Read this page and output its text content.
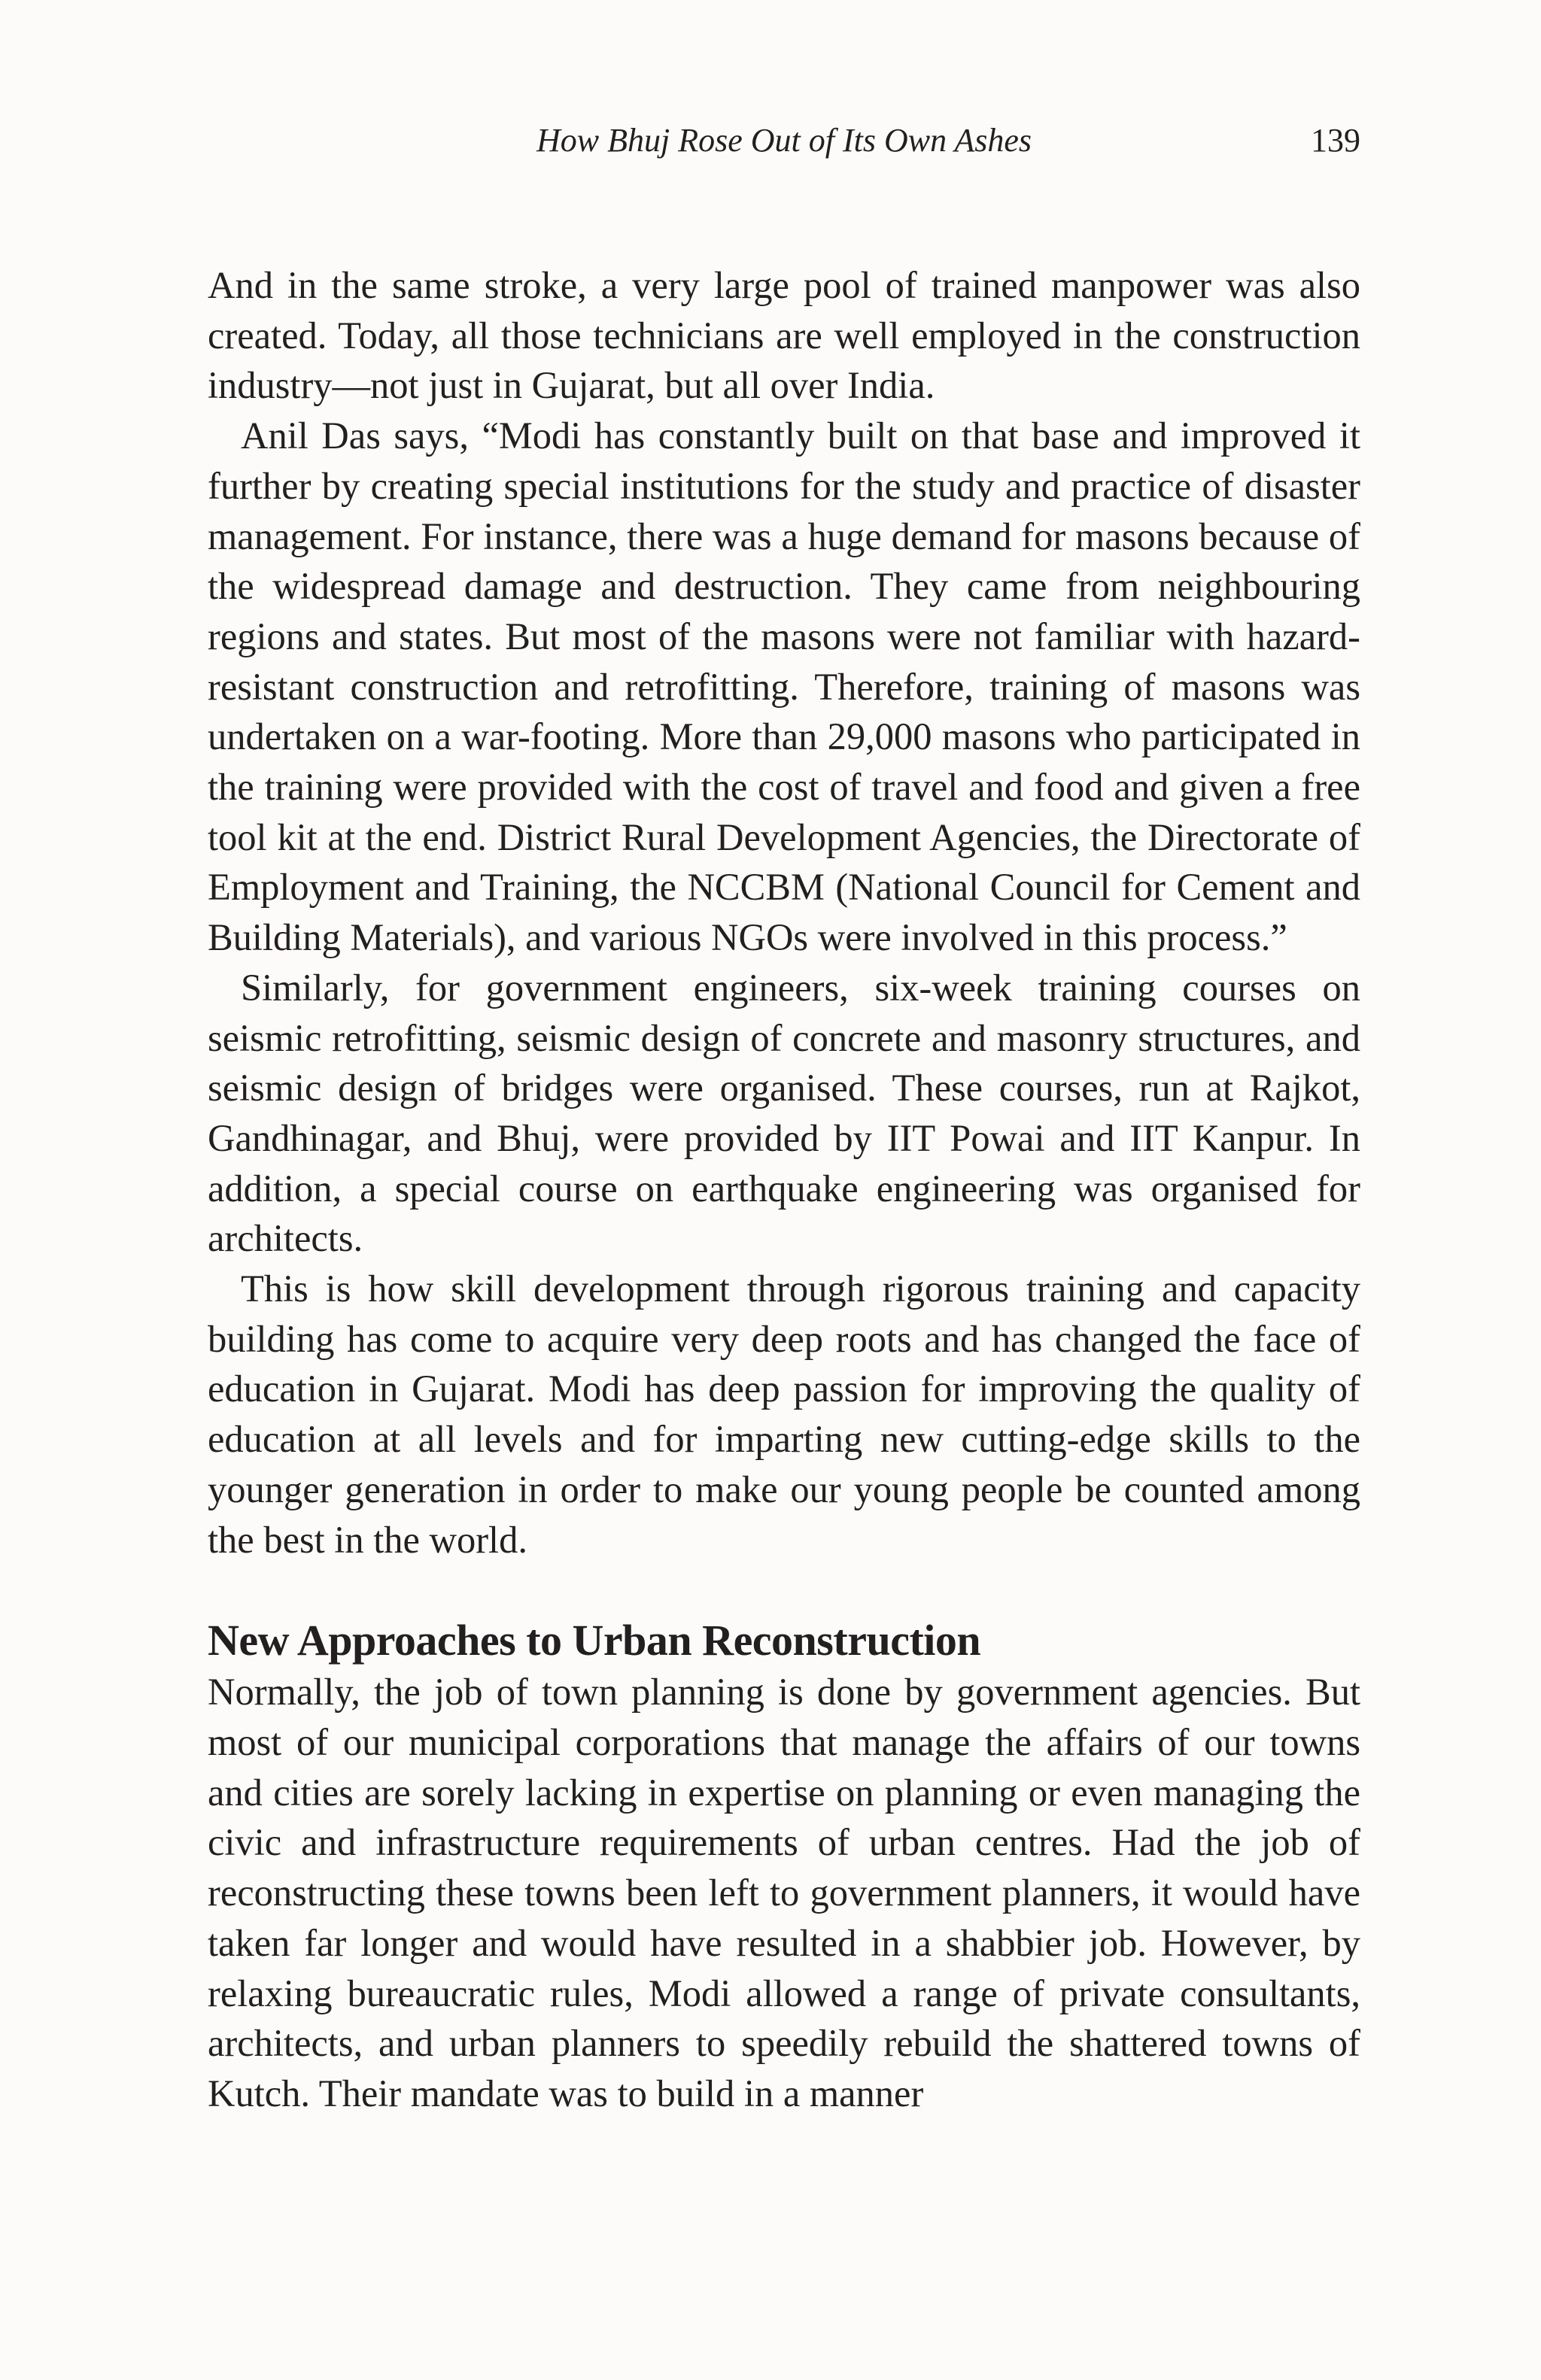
How Bhuj Rose Out of Its Own Ashes	139

And in the same stroke, a very large pool of trained manpower was also created. Today, all those technicians are well employed in the construction industry—not just in Gujarat, but all over India.

Anil Das says, “Modi has constantly built on that base and improved it further by creating special institutions for the study and practice of disaster management. For instance, there was a huge demand for masons because of the widespread damage and destruction. They came from neighbouring regions and states. But most of the masons were not familiar with hazard-resistant construction and retrofitting. Therefore, training of masons was undertaken on a war-footing. More than 29,000 masons who participated in the training were provided with the cost of travel and food and given a free tool kit at the end. District Rural Development Agencies, the Directorate of Employment and Training, the NCCBM (National Council for Cement and Building Materials), and various NGOs were involved in this process.”

Similarly, for government engineers, six-week training courses on seismic retrofitting, seismic design of concrete and masonry structures, and seismic design of bridges were organised. These courses, run at Rajkot, Gandhinagar, and Bhuj, were provided by IIT Powai and IIT Kanpur. In addition, a special course on earthquake engineering was organised for architects.

This is how skill development through rigorous training and capacity building has come to acquire very deep roots and has changed the face of education in Gujarat. Modi has deep passion for improving the quality of education at all levels and for imparting new cutting-edge skills to the younger generation in order to make our young people be counted among the best in the world.

New Approaches to Urban Reconstruction

Normally, the job of town planning is done by government agencies. But most of our municipal corporations that manage the affairs of our towns and cities are sorely lacking in expertise on planning or even managing the civic and infrastructure requirements of urban centres. Had the job of reconstructing these towns been left to government planners, it would have taken far longer and would have resulted in a shabbier job. However, by relaxing bureaucratic rules, Modi allowed a range of private consultants, architects, and urban planners to speedily rebuild the shattered towns of Kutch. Their mandate was to build in a manner
